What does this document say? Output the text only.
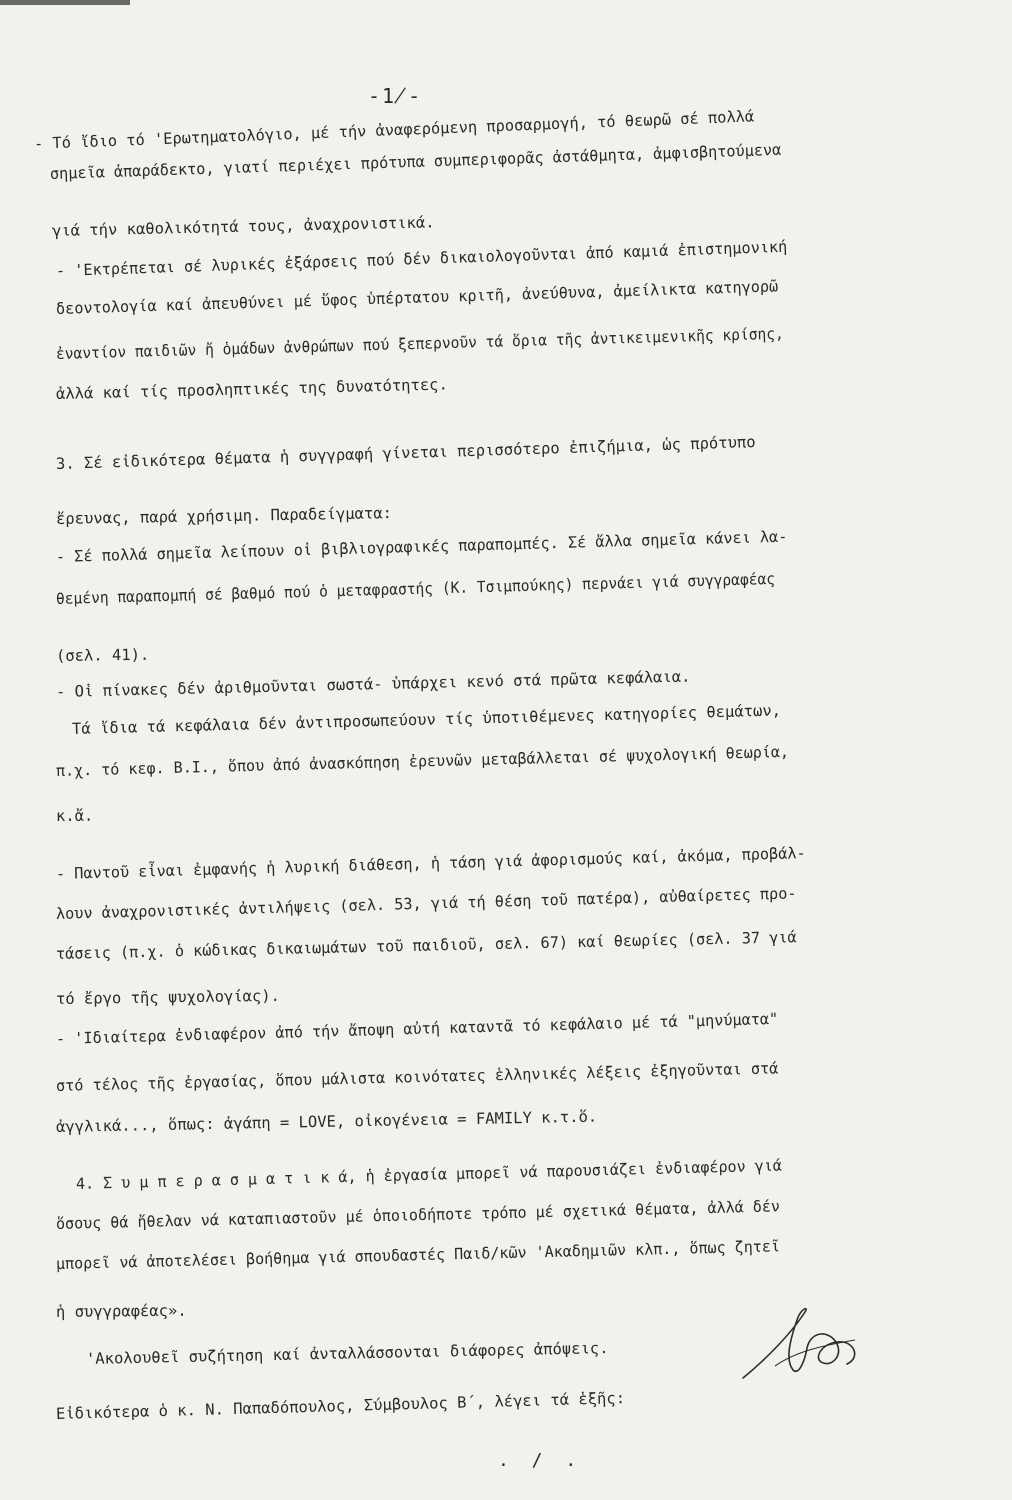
-1̸-
- Τό ἴδιο τό 'Ερωτηματολόγιο, μέ τήν ἀναφερόμενη προσαρμογή, τό θεωρῶ σέ πολλά
σημεῖα ἀπαράδεκτο, γιατί περιέχει πρότυπα συμπεριφορᾶς ἀστάθμητα, ἀμφισβητούμενα
γιά τήν καθολικότητά τους, ἀναχρονιστικά.
- 'Εκτρέπεται σέ λυρικές ἐξάρσεις πού δέν δικαιολογοῦνται ἀπό καμιά ἐπιστημονική
δεοντολογία καί ἀπευθύνει μέ ὕφος ὑπέρτατου κριτῆ, ἀνεύθυνα, ἀμείλικτα κατηγορῶ
ἐναντίον παιδιῶν ἤ ὁμάδων ἀνθρώπων πού ξεπερνοῦν τά ὅρια τῆς ἀντικειμενικῆς κρίσης,
ἀλλά καί τίς προσληπτικές της δυνατότητες.
3. Σέ εἰδικότερα θέματα ἡ συγγραφή γίνεται περισσότερο ἐπιζήμια, ὡς πρότυπο
ἔρευνας, παρά χρήσιμη. Παραδείγματα:
- Σέ πολλά σημεῖα λείπουν οἱ βιβλιογραφικές παραπομπές. Σέ ἄλλα σημεῖα κάνει λα-
θεμένη παραπομπή σέ βαθμό πού ὁ μεταφραστής (Κ. Τσιμπούκης) περνάει γιά συγγραφέας
(σελ. 41).
- Οἱ πίνακες δέν ἀριθμοῦνται σωστά- ὑπάρχει κενό στά πρῶτα κεφάλαια.
Τά ἴδια τά κεφάλαια δέν ἀντιπροσωπεύουν τίς ὑποτιθέμενες κατηγορίες θεμάτων,
π.χ. τό κεφ. Β.Ι., ὅπου ἀπό ἀνασκόπηση ἐρευνῶν μεταβάλλεται σέ ψυχολογική θεωρία,
κ.ἄ.
- Παντοῦ εἶναι ἐμφανής ἡ λυρική διάθεση, ἡ τάση γιά ἀφορισμούς καί, ἀκόμα, προβάλ-
λουν ἀναχρονιστικές ἀντιλήψεις (σελ. 53, γιά τή θέση τοῦ πατέρα), αὐθαίρετες προ-
τάσεις (π.χ. ὁ κώδικας δικαιωμάτων τοῦ παιδιοῦ, σελ. 67) καί θεωρίες (σελ. 37 γιά
τό ἔργο τῆς ψυχολογίας).
- 'Ιδιαίτερα ἐνδιαφέρον ἀπό τήν ἄποψη αὐτή καταντᾶ τό κεφάλαιο μέ τά "μηνύματα"
στό τέλος τῆς ἐργασίας, ὅπου μάλιστα κοινότατες ἑλληνικές λέξεις ἐξηγοῦνται στά
ἀγγλικά..., ὅπως: ἀγάπη = LOVE, οἰκογένεια = FAMILY κ.τ.ὅ.
4. Σ υ μ π ε ρ α σ μ α τ ι κ ά, ἡ ἐργασία μπορεῖ νά παρουσιάζει ἐνδιαφέρον γιά
ὅσους θά ἤθελαν νά καταπιαστοῦν μέ ὁποιοδήποτε τρόπο μέ σχετικά θέματα, ἀλλά δέν
μπορεῖ νά ἀποτελέσει βοήθημα γιά σπουδαστές Παιδ/κῶν 'Ακαδημιῶν κλπ., ὅπως ζητεῖ
ἡ συγγραφέας».
'Ακολουθεῖ συζήτηση καί ἀνταλλάσσονται διάφορες ἀπόψεις.
Εἰδικότερα ὁ κ. Ν. Παπαδόπουλος, Σύμβουλος Β΄, λέγει τά ἑξῆς:
. / .
